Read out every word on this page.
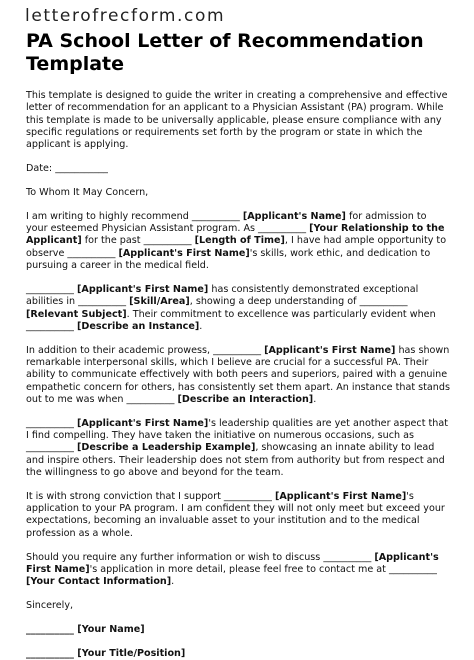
letterofrecform.com
PA School Letter of Recommendation
Template

This template is designed to guide the writer in creating a comprehensive and effective letter of recommendation for an applicant to a Physician Assistant (PA) program. While this template is made to be universally applicable, please ensure compliance with any specific regulations or requirements set forth by the program or state in which the applicant is applying.

Date: ___________

To Whom It May Concern,

I am writing to highly recommend __________ [Applicant's Name] for admission to your esteemed Physician Assistant program. As __________ [Your Relationship to the Applicant] for the past __________ [Length of Time], I have had ample opportunity to observe __________ [Applicant's First Name]'s skills, work ethic, and dedication to pursuing a career in the medical field.

__________ [Applicant's First Name] has consistently demonstrated exceptional abilities in __________ [Skill/Area], showing a deep understanding of __________ [Relevant Subject]. Their commitment to excellence was particularly evident when __________ [Describe an Instance].

In addition to their academic prowess, __________ [Applicant's First Name] has shown remarkable interpersonal skills, which I believe are crucial for a successful PA. Their ability to communicate effectively with both peers and superiors, paired with a genuine empathetic concern for others, has consistently set them apart. An instance that stands out to me was when __________ [Describe an Interaction].

__________ [Applicant's First Name]'s leadership qualities are yet another aspect that I find compelling. They have taken the initiative on numerous occasions, such as __________ [Describe a Leadership Example], showcasing an innate ability to lead and inspire others. Their leadership does not stem from authority but from respect and the willingness to go above and beyond for the team.

It is with strong conviction that I support __________ [Applicant's First Name]'s application to your PA program. I am confident they will not only meet but exceed your expectations, becoming an invaluable asset to your institution and to the medical profession as a whole.

Should you require any further information or wish to discuss __________ [Applicant's First Name]'s application in more detail, please feel free to contact me at __________ [Your Contact Information].

Sincerely,

__________ [Your Name]

__________ [Your Title/Position]
